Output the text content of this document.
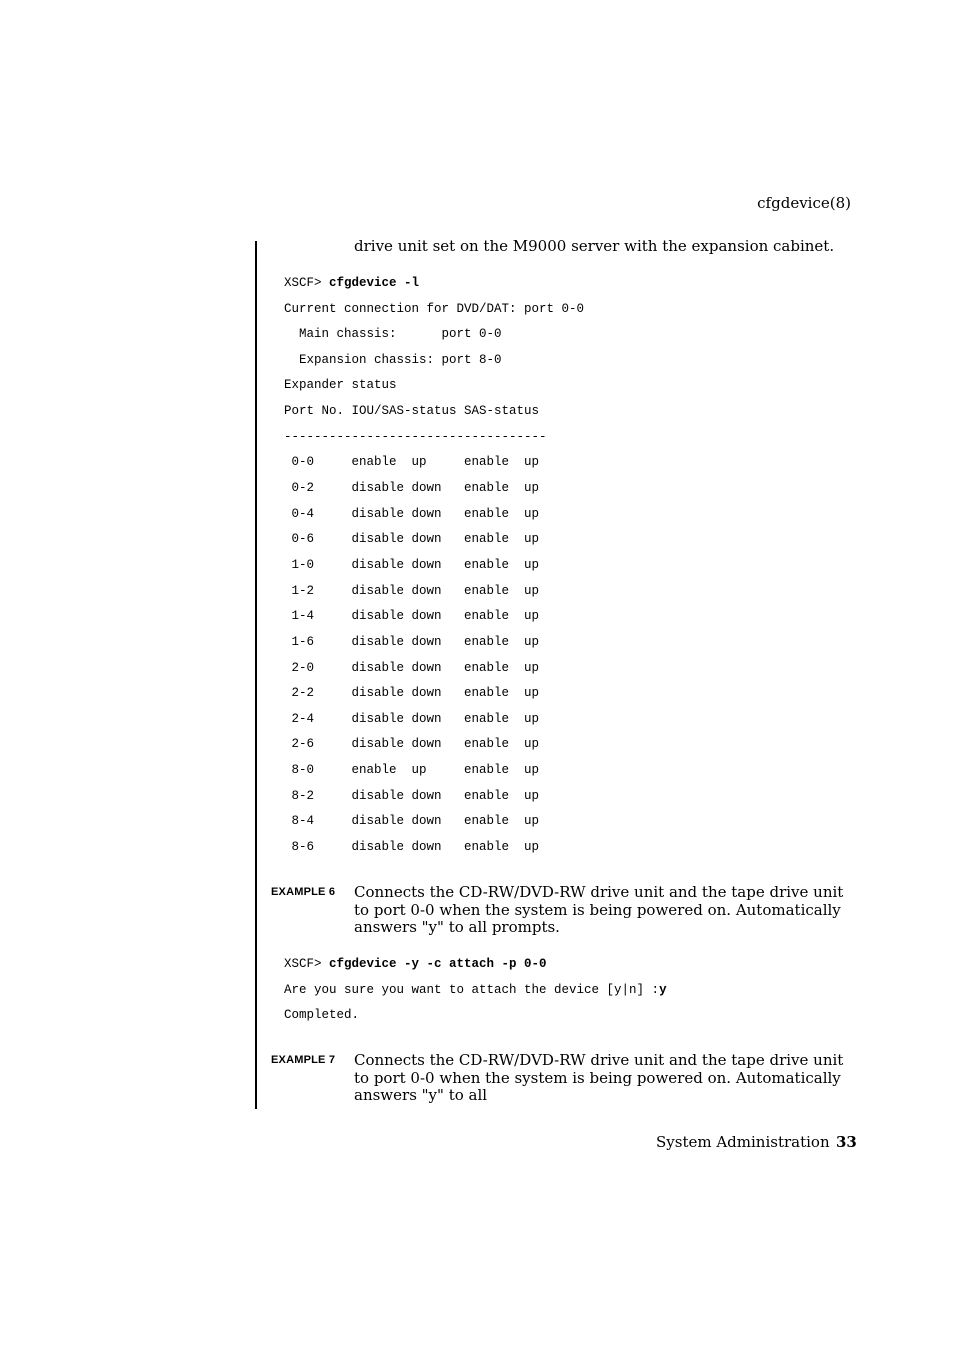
cfgdevice(8)
drive unit set on the M9000 server with the expansion cabinet.
XSCF> cfgdevice -l
Current connection for DVD/DAT: port 0-0
Main chassis:      port 0-0
Expansion chassis: port 8-0
Expander status
Port No. IOU/SAS-status SAS-status
-----------------------------------
0-0     enable  up     enable  up
0-2     disable down   enable  up
0-4     disable down   enable  up
0-6     disable down   enable  up
1-0     disable down   enable  up
1-2     disable down   enable  up
1-4     disable down   enable  up
1-6     disable down   enable  up
2-0     disable down   enable  up
2-2     disable down   enable  up
2-4     disable down   enable  up
2-6     disable down   enable  up
8-0     enable  up     enable  up
8-2     disable down   enable  up
8-4     disable down   enable  up
8-6     disable down   enable  up
EXAMPLE 6 Connects the CD-RW/DVD-RW drive unit and the tape drive unit to port 0-0 when the system is being powered on. Automatically answers "y" to all prompts.
XSCF> cfgdevice -y -c attach -p 0-0
Are you sure you want to attach the device [y|n] :y
Completed.
EXAMPLE 7 Connects the CD-RW/DVD-RW drive unit and the tape drive unit to port 0-0 when the system is being powered on. Automatically answers "y" to all
System Administration 33
